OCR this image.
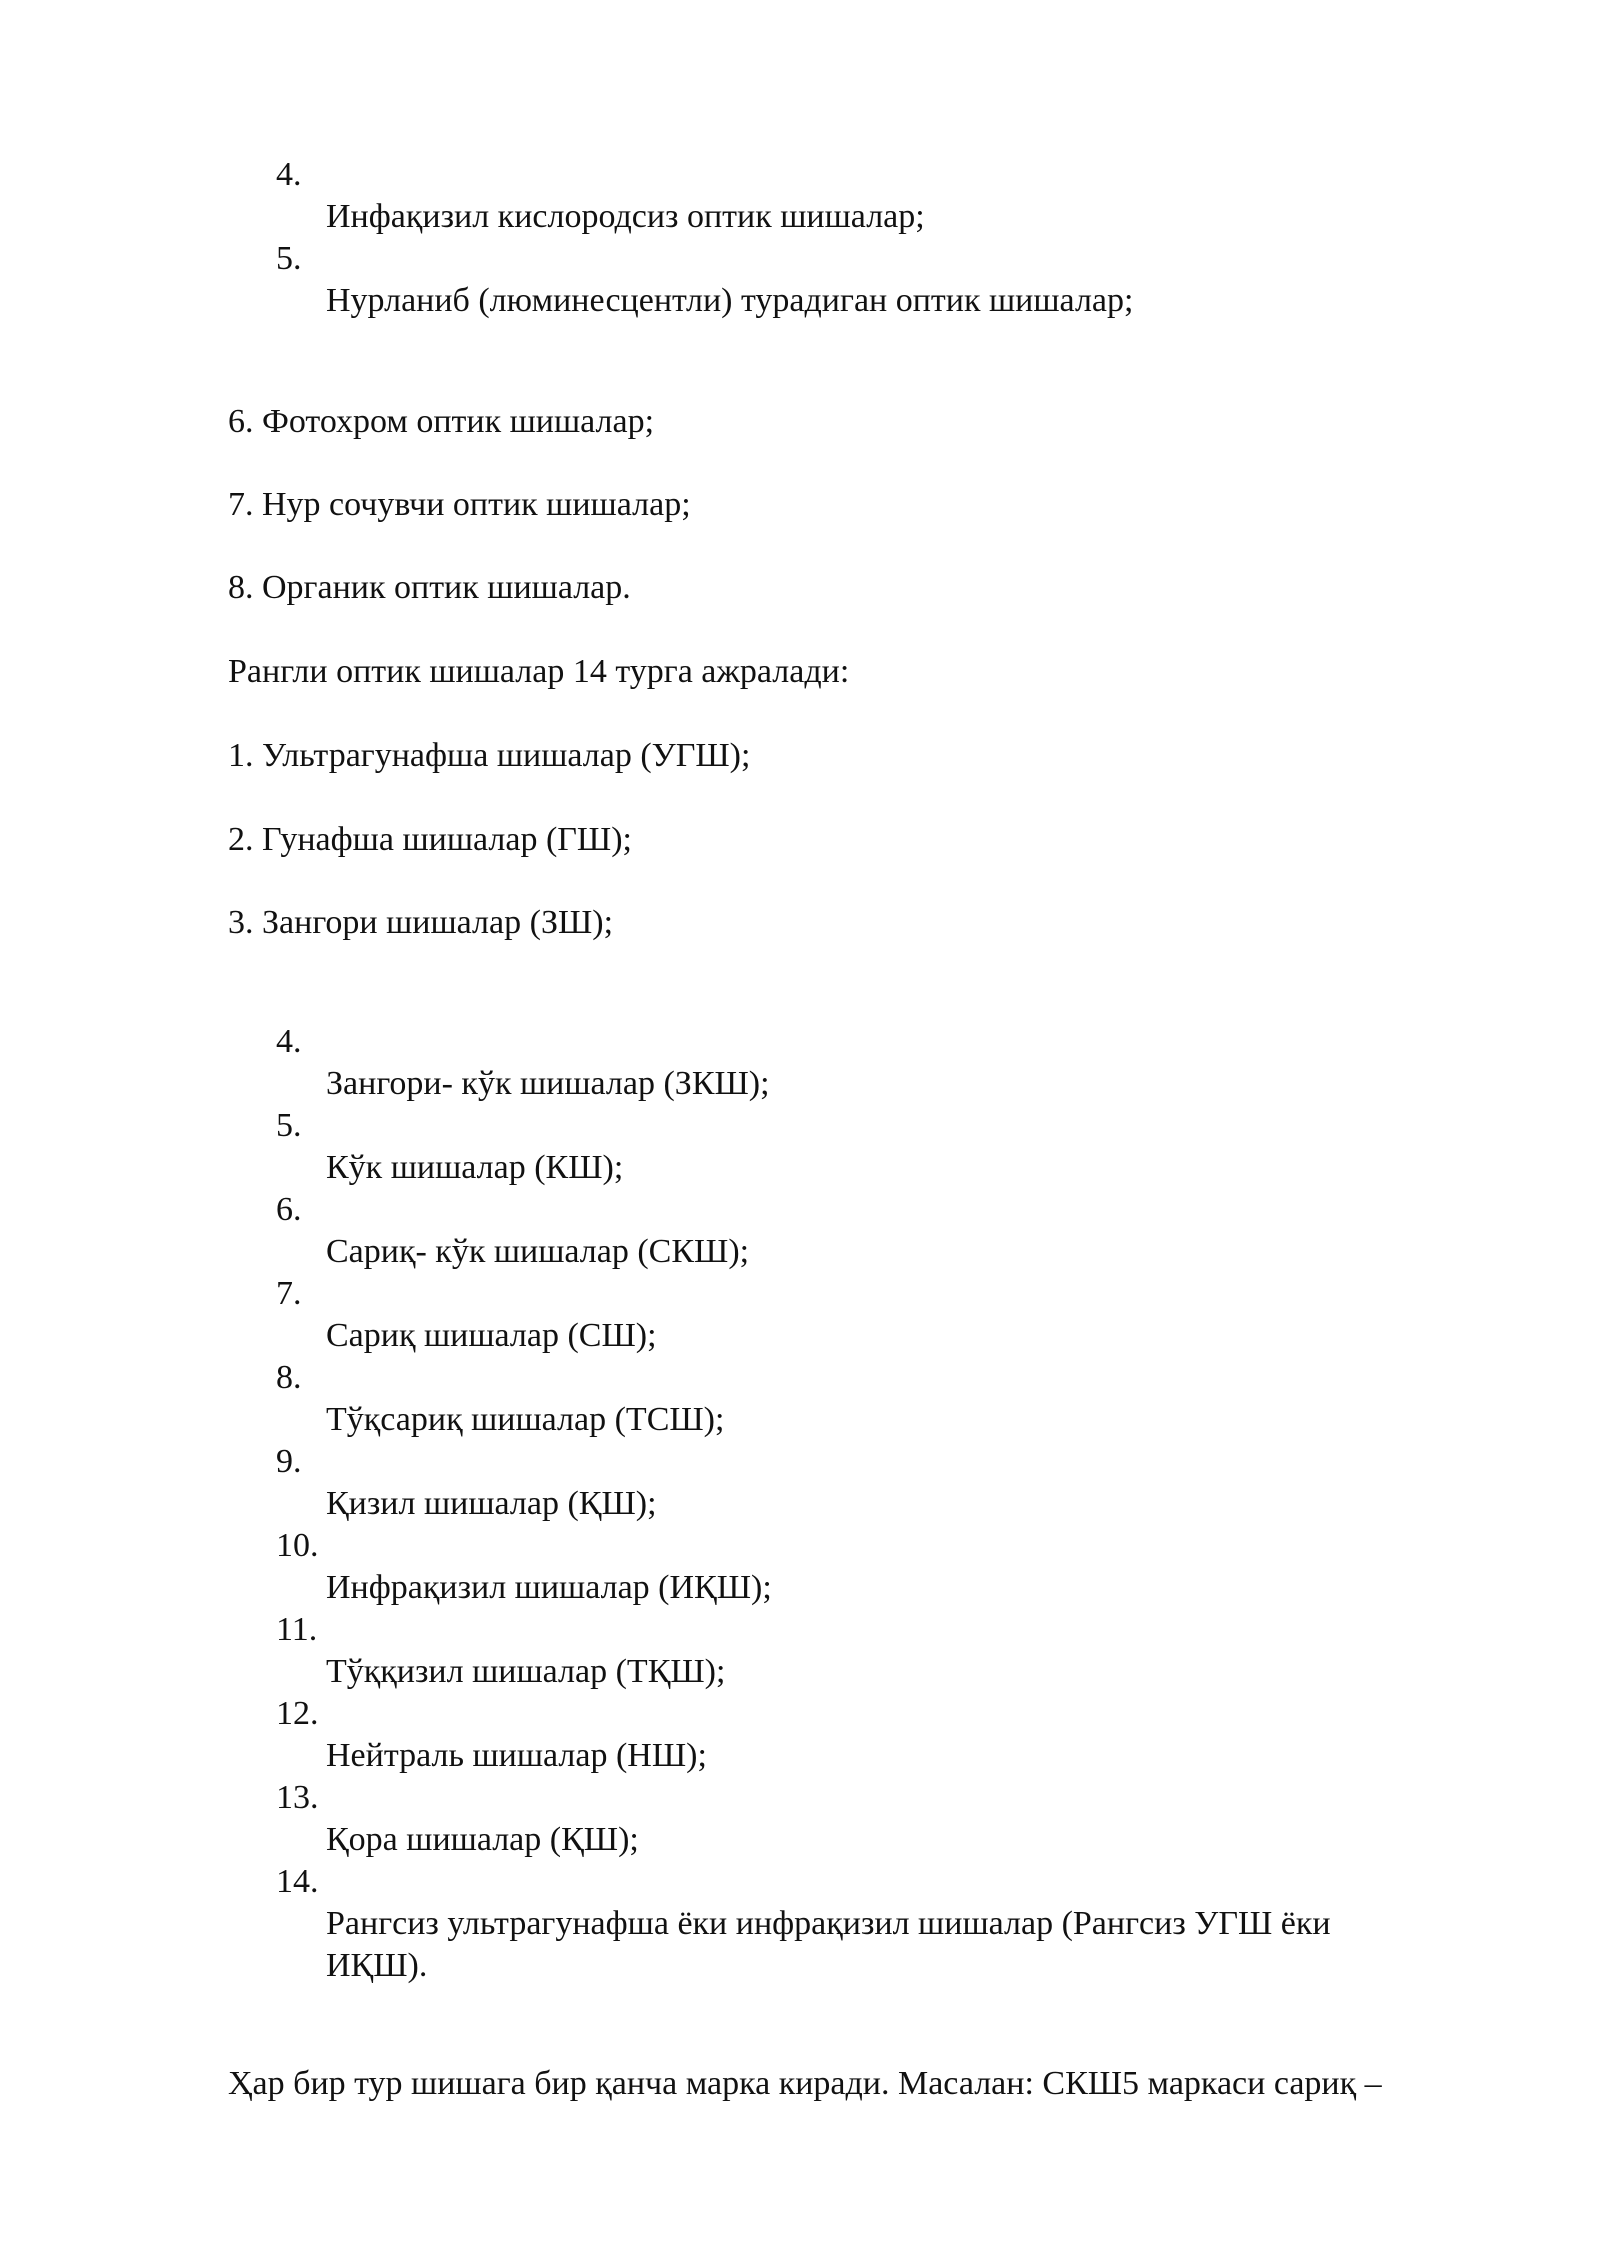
4.
Инфақизил кислородсиз оптик шишалар;
5.
Нурланиб (люминесцентли) турадиган оптик шишалар;
6. Фотохром оптик шишалар;
7. Нур сочувчи оптик шишалар;
8. Органик оптик шишалар.
Рангли оптик шишалар 14 турга ажралади:
1. Ультрагунафша шишалар (УГШ);
2. Гунафша шишалар (ГШ);
3. Зангори шишалар (ЗШ);
4.
Зангори- кўк шишалар (ЗКШ);
5.
Кўк шишалар (КШ);
6.
Сариқ- кўк шишалар (СКШ);
7.
Сариқ шишалар (СШ);
8.
Тўқсариқ шишалар (ТСШ);
9.
Қизил шишалар (ҚШ);
10.
Инфрақизил шишалар (ИҚШ);
11.
Тўққизил шишалар (ТҚШ);
12.
Нейтраль шишалар (НШ);
13.
Қора шишалар (ҚШ);
14.
Рангсиз ультрагунафша ёки инфрақизил шишалар (Рангсиз УГШ ёки
ИҚШ).
Ҳар бир тур шишага бир қанча марка киради. Масалан: СКШ5 маркаси сариқ –
